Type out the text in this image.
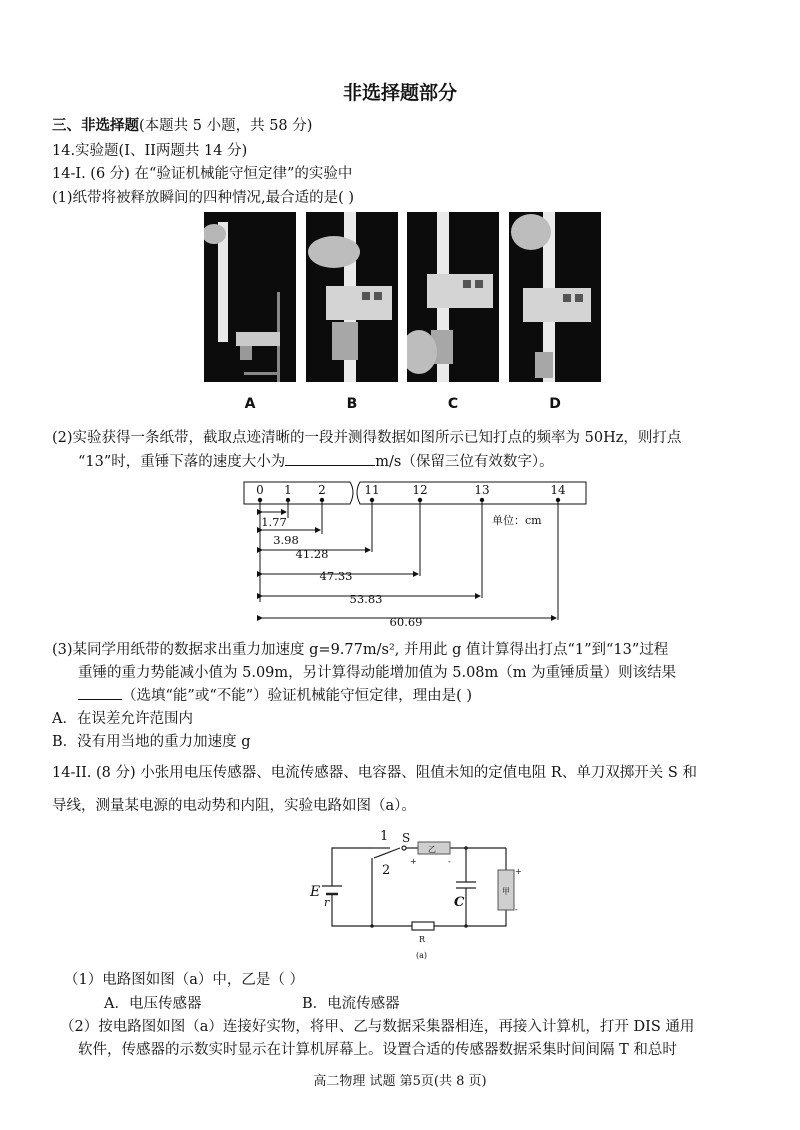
非选择题部分
三、非选择题(本题共 5 小题，共 58 分)
14.实验题(I、II两题共 14 分)
14-I. (6 分) 在“验证机械能守恒定律”的实验中
(1)纸带将被释放瞬间的四种情况,最合适的是( )
A	B	C	D
(2)实验获得一条纸带，截取点迹清晰的一段并测得数据如图所示已知打点的频率为 50Hz，则打点
“13”时，重锤下落的速度大小为	m/s（保留三位有效数字）。
0 1 2	11	12	13	14
单位：cm
1.77
3.98
41.28
47.33
53.83
60.69
(3)某同学用纸带的数据求出重力加速度 g=9.77m/s², 并用此 g 值计算得出打点“1”到“13”过程
重锤的重力势能减小值为 5.09m，另计算得动能增加值为 5.08m（m 为重锤质量）则该结果
（选填“能”或“不能”）验证机械能守恒定律，理由是( )
A．在误差允许范围内
B．没有用当地的重力加速度 g
14-II. (8 分) 小张用电压传感器、电流传感器、电容器、阻值未知的定值电阻 R、单刀双掷开关 S 和
导线，测量某电源的电动势和内阻，实验电路如图（a）。
E
r
1
2
S
乙
甲
+	-
+
-
C
R
(a)
（1）电路图如图（a）中，乙是（ ）
A．电压传感器	B．电流传感器
（2）按电路图如图（a）连接好实物，将甲、乙与数据采集器相连，再接入计算机，打开 DIS 通用
软件，传感器的示数实时显示在计算机屏幕上。设置合适的传感器数据采集时间间隔 T 和总时
高二物理 试题 第5页(共 8 页)
